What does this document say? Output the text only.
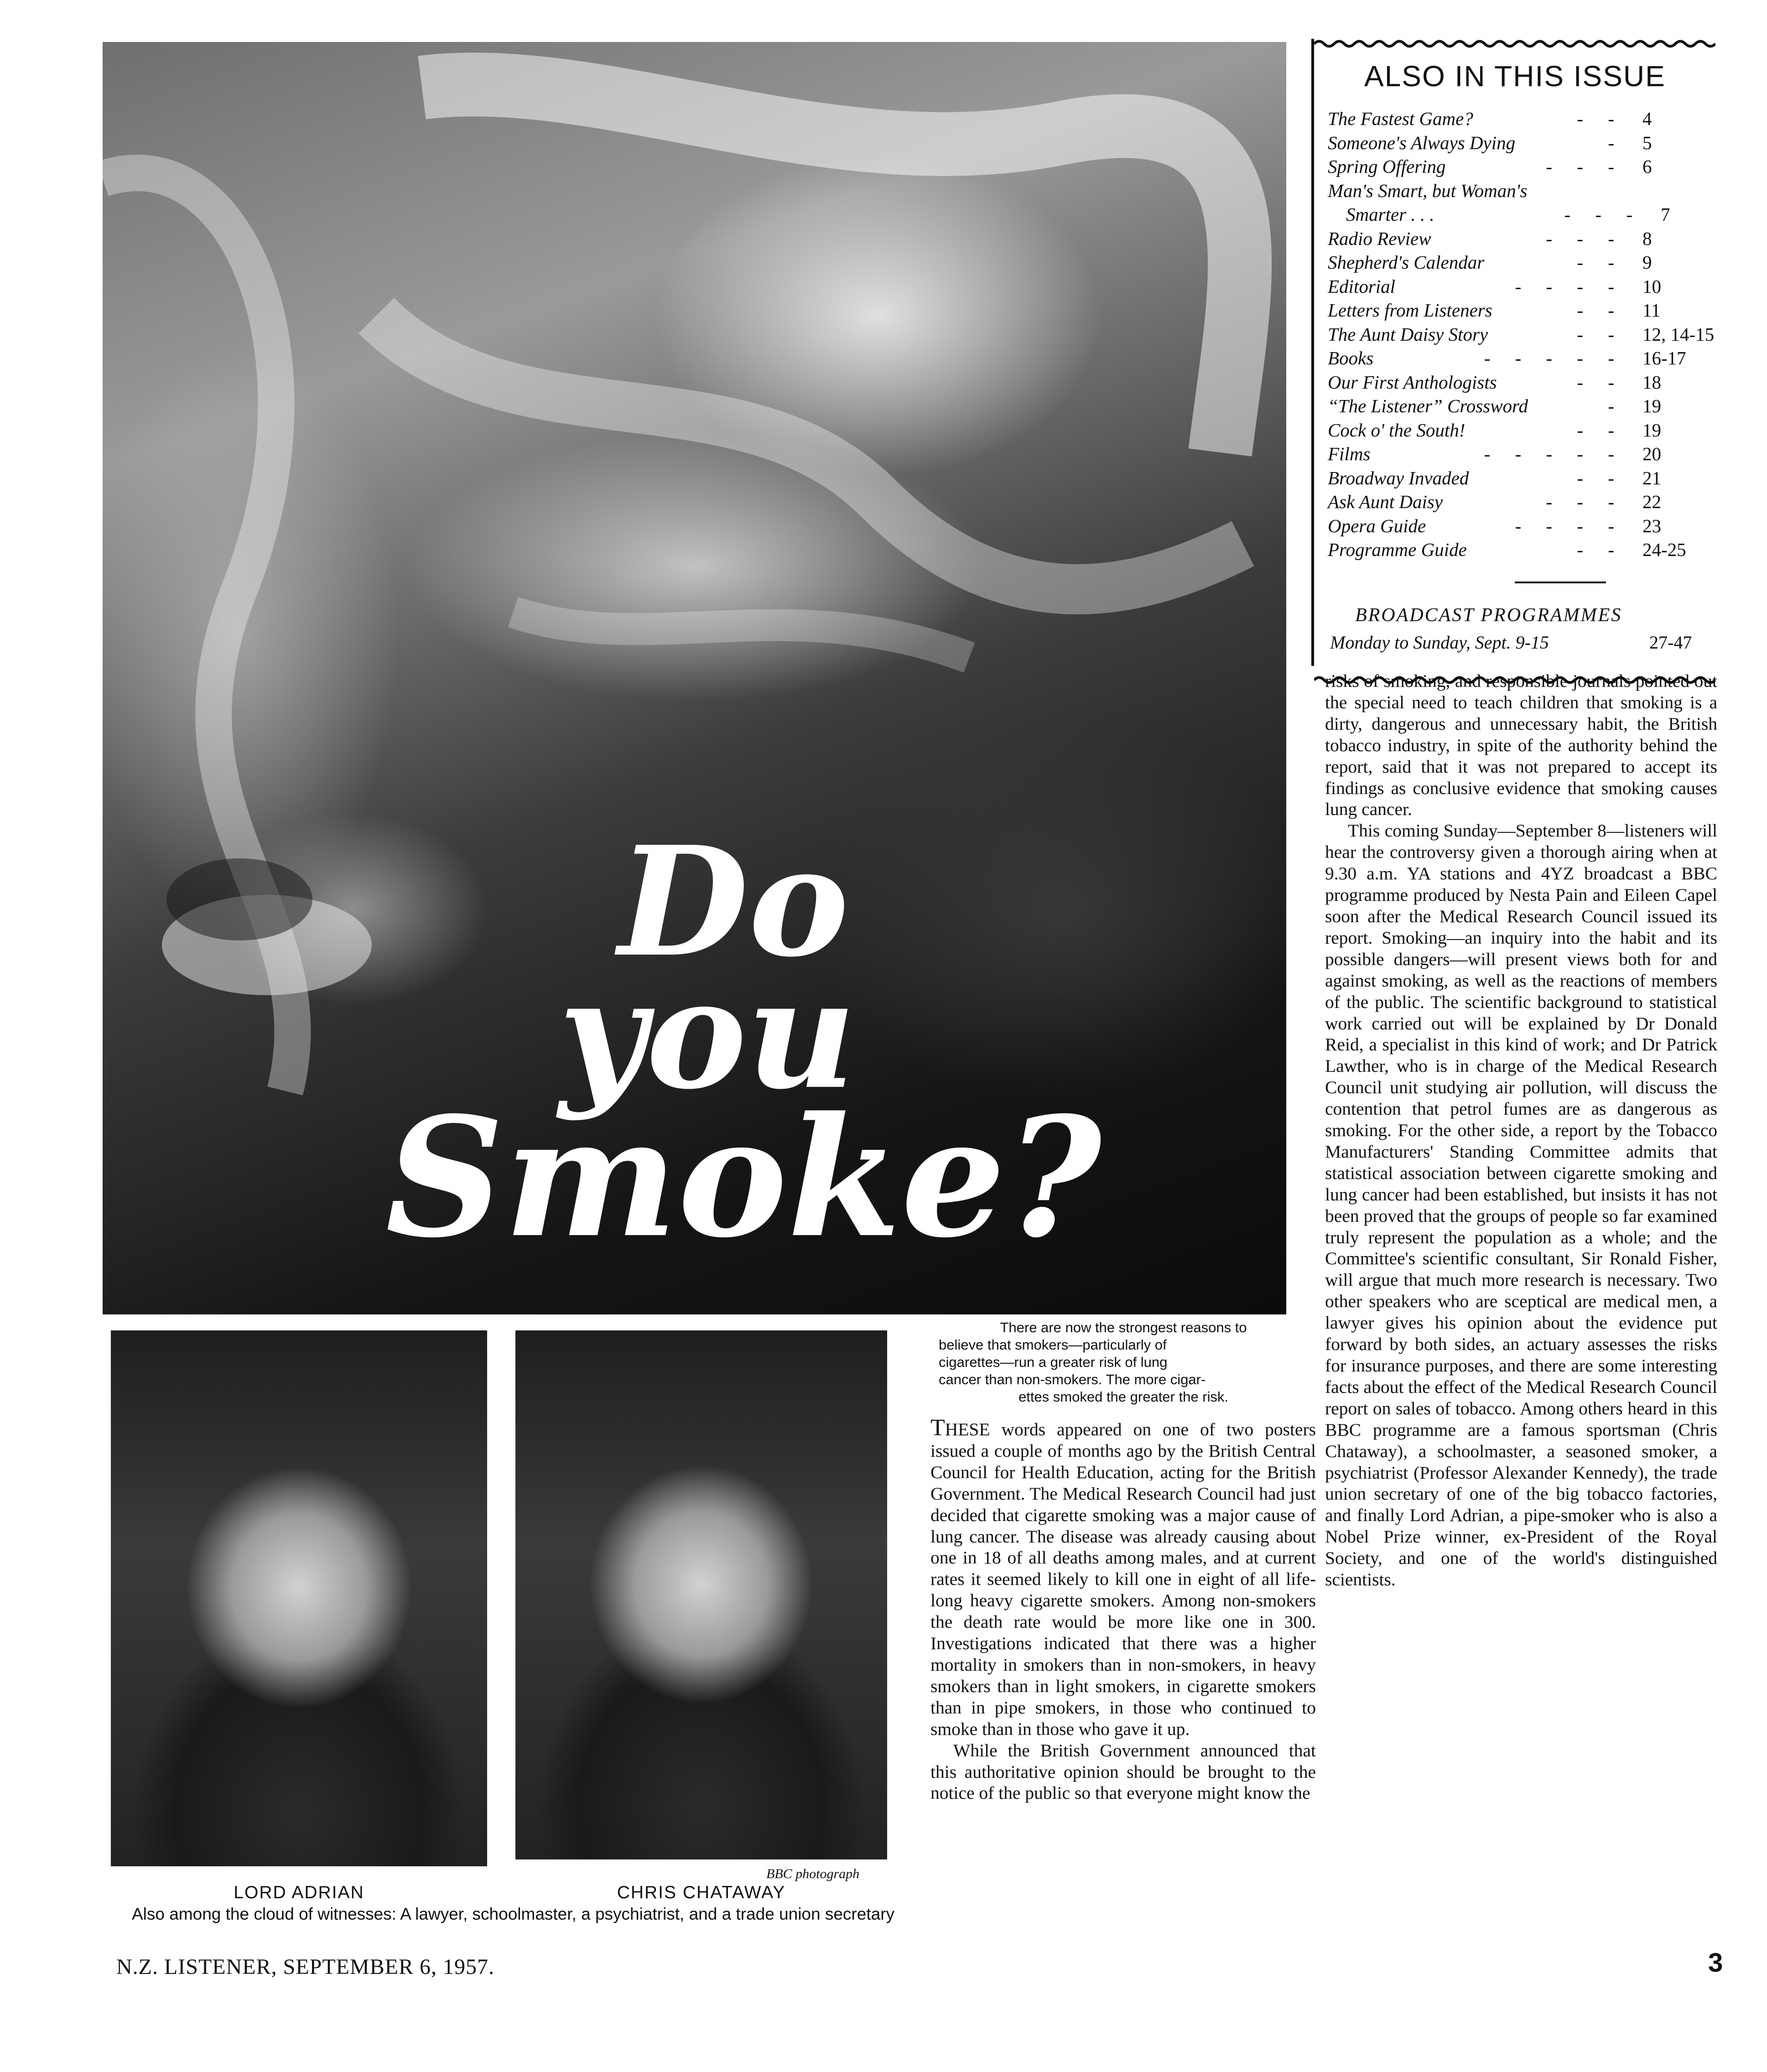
Do
you
Smoke?
ALSO IN THIS ISSUE
The Fastest Game?	- - 4
Someone's Always Dying	- 5
Spring Offering	- - - 6
Man's Smart, but Woman's
Smarter . . .	- - - 7
Radio Review	- - - 8
Shepherd's Calendar	- - 9
Editorial	- - - - 10
Letters from Listeners	- - 11
The Aunt Daisy Story	- - 12, 14-15
Books	- - - - - 16-17
Our First Anthologists	- - 18
“The Listener” Crossword	- 19
Cock o' the South!	- - 19
Films	- - - - - 20
Broadway Invaded	- - 21
Ask Aunt Daisy	- - - 22
Opera Guide	- - - - 23
Programme Guide	- - 24-25
BROADCAST PROGRAMMES
Monday to Sunday, Sept. 9-15	27-47

risks of smoking, and responsible journals pointed out the special need to teach children that smoking is a dirty, dangerous and unnecessary habit, the British tobacco industry, in spite of the authority behind the report, said that it was not prepared to accept its findings as conclusive evidence that smoking causes lung cancer.

This coming Sunday—September 8—listeners will hear the controversy given a thorough airing when at 9.30 a.m. YA stations and 4YZ broadcast a BBC programme produced by Nesta Pain and Eileen Capel soon after the Medical Research Council issued its report. Smoking—an inquiry into the habit and its possible dangers—will present views both for and against smoking, as well as the reactions of members of the public. The scientific background to statistical work carried out will be explained by Dr Donald Reid, a specialist in this kind of work; and Dr Patrick Lawther, who is in charge of the Medical Research Council unit studying air pollution, will discuss the contention that petrol fumes are as dangerous as smoking. For the other side, a report by the Tobacco Manufacturers' Standing Committee admits that statistical association between cigarette smoking and lung cancer had been established, but insists it has not been proved that the groups of people so far examined truly represent the population as a whole; and the Committee's scientific consultant, Sir Ronald Fisher, will argue that much more research is necessary. Two other speakers who are sceptical are medical men, a lawyer gives his opinion about the evidence put forward by both sides, an actuary assesses the risks for insurance purposes, and there are some interesting facts about the effect of the Medical Research Council report on sales of tobacco. Among others heard in this BBC programme are a famous sportsman (Chris Chataway), a schoolmaster, a seasoned smoker, a psychiatrist (Professor Alexander Kennedy), the trade union secretary of one of the big tobacco factories, and finally Lord Adrian, a pipe-smoker who is also a Nobel Prize winner, ex-President of the Royal Society, and one of the world's distinguished scientists.

There are now the strongest reasons to
believe that smokers—particularly of
cigarettes—run a greater risk of lung
cancer than non-smokers. The more cigar-
ettes smoked the greater the risk.

THESE words appeared on one of two posters issued a couple of months ago by the British Central Council for Health Education, acting for the British Government. The Medical Research Council had just decided that cigarette smoking was a major cause of lung cancer. The disease was already causing about one in 18 of all deaths among males, and at current rates it seemed likely to kill one in eight of all life-long heavy cigarette smokers. Among non-smokers the death rate would be more like one in 300. Investigations indicated that there was a higher mortality in smokers than in non-smokers, in heavy smokers than in light smokers, in cigarette smokers than in pipe smokers, in those who continued to smoke than in those who gave it up.

While the British Government announced that this authoritative opinion should be brought to the notice of the public so that everyone might know the

BBC photograph
LORD ADRIAN	CHRIS CHATAWAY
Also among the cloud of witnesses: A lawyer, schoolmaster, a psychiatrist, and a trade union secretary
N.Z. LISTENER, SEPTEMBER 6, 1957.	3
